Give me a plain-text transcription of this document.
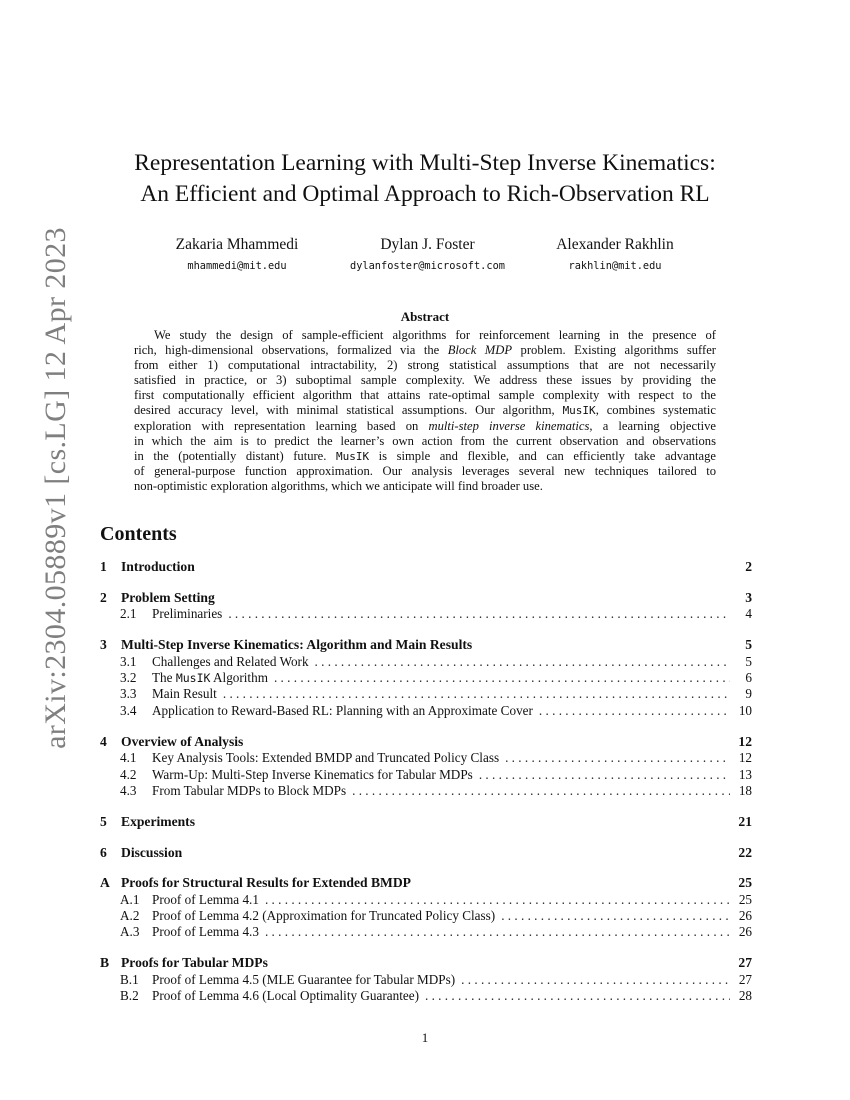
arXiv:2304.05889v1 [cs.LG] 12 Apr 2023
Representation Learning with Multi-Step Inverse Kinematics:
An Efficient and Optimal Approach to Rich-Observation RL
Zakaria Mhammedi
mhammedi@mit.edu
Dylan J. Foster
dylanfoster@microsoft.com
Alexander Rakhlin
rakhlin@mit.edu
Abstract
We study the design of sample-efficient algorithms for reinforcement learning in the presence of
rich, high-dimensional observations, formalized via the Block MDP problem. Existing algorithms suffer
from either 1) computational intractability, 2) strong statistical assumptions that are not necessarily
satisfied in practice, or 3) suboptimal sample complexity. We address these issues by providing the
first computationally efficient algorithm that attains rate-optimal sample complexity with respect to the
desired accuracy level, with minimal statistical assumptions. Our algorithm, MusIK, combines systematic
exploration with representation learning based on multi-step inverse kinematics, a learning objective
in which the aim is to predict the learner’s own action from the current observation and observations
in the (potentially distant) future. MusIK is simple and flexible, and can efficiently take advantage
of general-purpose function approximation. Our analysis leverages several new techniques tailored to
non-optimistic exploration algorithms, which we anticipate will find broader use.
Contents
1	Introduction	2
2	Problem Setting	3
2.1	Preliminaries . . .	4
3	Multi-Step Inverse Kinematics: Algorithm and Main Results	5
3.1	Challenges and Related Work . . .	5
3.2	The MusIK Algorithm . . .	6
3.3	Main Result . . .	9
3.4	Application to Reward-Based RL: Planning with an Approximate Cover . . .	10
4	Overview of Analysis	12
4.1	Key Analysis Tools: Extended BMDP and Truncated Policy Class . . .	12
4.2	Warm-Up: Multi-Step Inverse Kinematics for Tabular MDPs . . .	13
4.3	From Tabular MDPs to Block MDPs . . .	18
5	Experiments	21
6	Discussion	22
A Proofs for Structural Results for Extended BMDP	25
A.1 Proof of Lemma 4.1 . . .	25
A.2 Proof of Lemma 4.2 (Approximation for Truncated Policy Class) . . .	26
A.3 Proof of Lemma 4.3 . . .	26
B Proofs for Tabular MDPs	27
B.1	Proof of Lemma 4.5 (MLE Guarantee for Tabular MDPs) . . .	27
B.2	Proof of Lemma 4.6 (Local Optimality Guarantee) . . .	28
1
